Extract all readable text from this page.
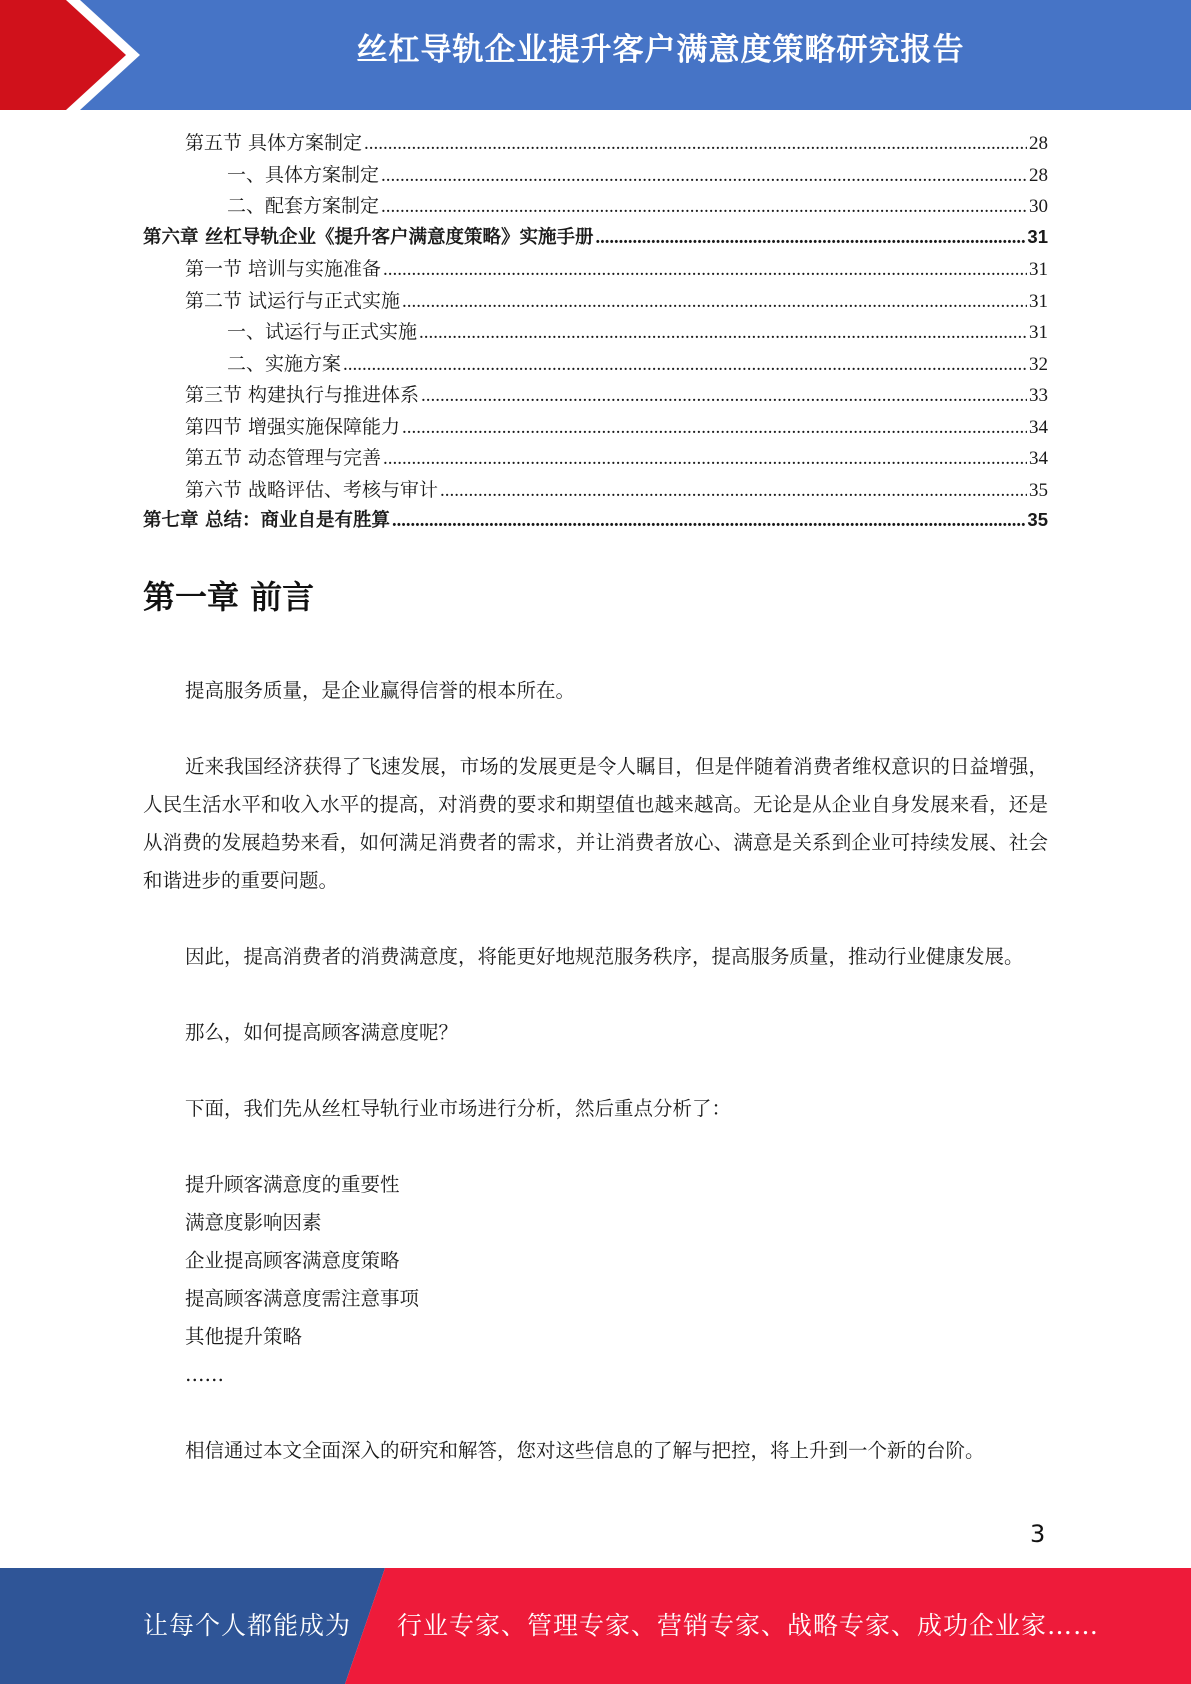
丝杠导轨企业提升客户满意度策略研究报告
第五节 具体方案制定 .....	28
一、具体方案制定 .....	28
二、配套方案制定 .....	30
第六章 丝杠导轨企业《提升客户满意度策略》实施手册 .....	31
第一节 培训与实施准备 .....	31
第二节 试运行与正式实施 .....	31
一、试运行与正式实施 .....	31
二、实施方案 .....	32
第三节 构建执行与推进体系 .....	33
第四节 增强实施保障能力 .....	34
第五节 动态管理与完善 .....	34
第六节 战略评估、考核与审计 .....	35
第七章 总结：商业自是有胜算 .....	35
第一章 前言

提高服务质量，是企业赢得信誉的根本所在。

近来我国经济获得了飞速发展，市场的发展更是令人瞩目，但是伴随着消费者维权意识的日益增强，人民生活水平和收入水平的提高，对消费的要求和期望值也越来越高。无论是从企业自身发展来看，还是从消费的发展趋势来看，如何满足消费者的需求，并让消费者放心、满意是关系到企业可持续发展、社会和谐进步的重要问题。

因此，提高消费者的消费满意度，将能更好地规范服务秩序，提高服务质量，推动行业健康发展。

那么，如何提高顾客满意度呢？

下面，我们先从丝杠导轨行业市场进行分析，然后重点分析了：

提升顾客满意度的重要性

满意度影响因素

企业提高顾客满意度策略

提高顾客满意度需注意事项

其他提升策略

……

相信通过本文全面深入的研究和解答，您对这些信息的了解与把控，将上升到一个新的台阶。

3
让每个人都能成为 行业专家、管理专家、营销专家、战略专家、成功企业家……
